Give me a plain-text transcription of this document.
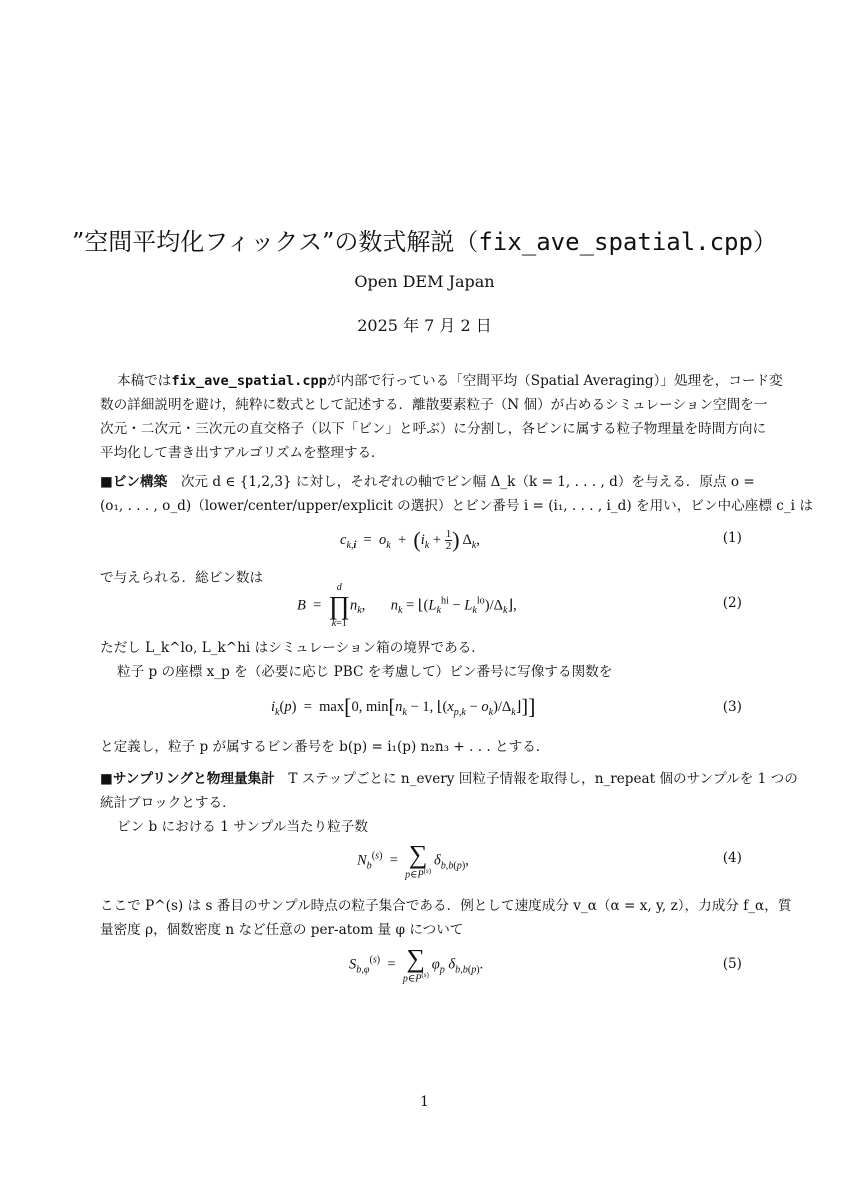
”空間平均化フィックス”の数式解説（fix_ave_spatial.cpp）
Open DEM Japan
2025 年 7 月 2 日
本稿ではfix_ave_spatial.cppが内部で行っている「空間平均（Spatial Averaging）」処理を，コード変
数の詳細説明を避け，純粋に数式として記述する．離散要素粒子（N 個）が占めるシミュレーション空間を一
次元・二次元・三次元の直交格子（以下「ビン」と呼ぶ）に分割し，各ビンに属する粒子物理量を時間方向に
平均化して書き出すアルゴリズムを整理する．
■ビン構築　 次元 d ∈ {1,2,3} に対し，それぞれの軸でビン幅 Δ_k（k = 1, . . . , d）を与える．原点 o =
(o₁, . . . , o_d)（lower/center/upper/explicit の選択）とビン番号 i = (i₁, . . . , i_d) を用い，ビン中心座標 c_i は
$c_{k,i} = o_k + (i_k + \frac{1}{2}$ ) $\Delta_k$,	(1)
で与えられる．総ビン数は
B  =
d
∏
k=1
$n_k$,       $n_k$ = $⌊(L_k^{hi}$ − $L_k^{lo})/\Delta_k⌋$,	(2)
ただし L_k^lo, L_k^hi はシミュレーション箱の境界である．
粒子 p の座標 x_p を（必要に応じ PBC を考慮して）ビン番号に写像する関数を
$i_k(p) = \max[0$, $\min[n_k - 1$, $⌊(x_{p,k}$ − $o_k)/\Delta_k⌋$]]	(3)
と定義し，粒子 p が属するビン番号を b(p) = i₁(p) n₂n₃ + . . . とする．
■サンプリングと物理量集計　 T ステップごとに n_every 回粒子情報を取得し，n_repeat 個のサンプルを 1 つの
統計ブロックとする．
ビン b における 1 サンプル当たり粒子数
$N_b^{(s)}$  = ∑
$p\in P^{(s)}$
 $\delta_{b,b(p)}$,	(4)
ここで P^(s) は s 番目のサンプル時点の粒子集合である．例として速度成分 v_α（α = x, y, z），力成分 f_α，質
量密度 ρ，個数密度 n など任意の per-atom 量 φ について
$S_{b,\varphi}^{(s)}$  = ∑
$p\in P^{(s)}$
 $\varphi_p$ $\delta_{b,b(p)}$.	(5)
1
